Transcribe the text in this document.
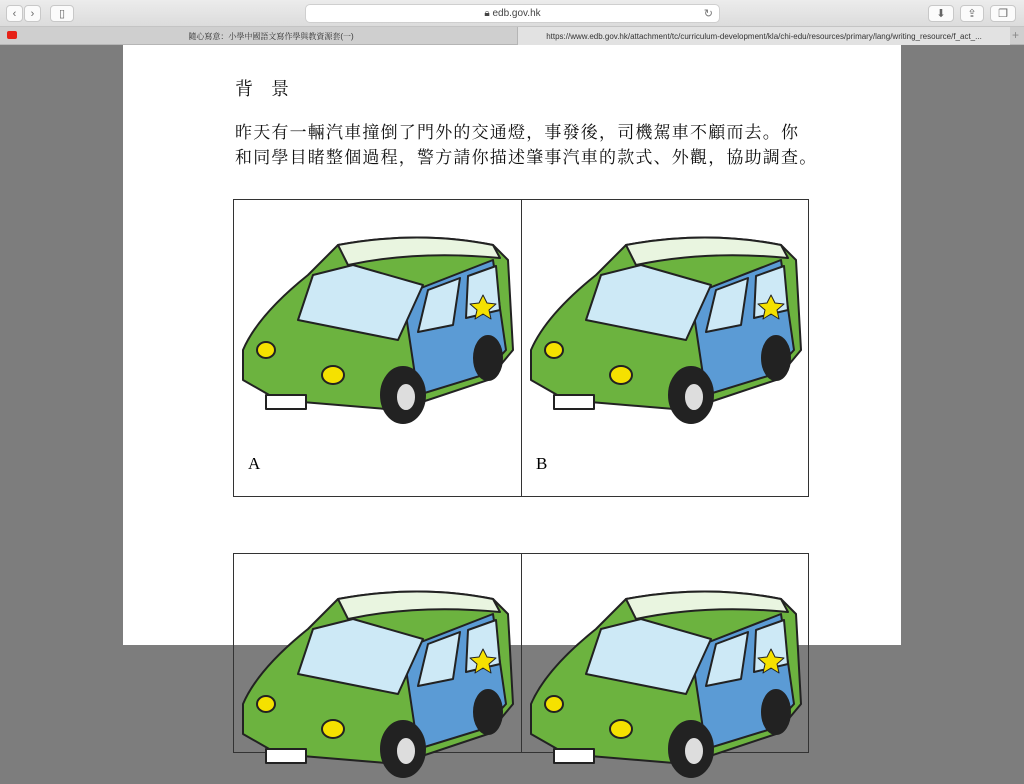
‹	›	▯	🔒︎
edb.gov.hk	↻	⬇	⇪	❐
隨心寫意：小學中國語文寫作學與教資源套(一)	https://www.edb.gov.hk/attachment/tc/curriculum-development/kla/chi-edu/resources/primary/lang/writing_resource/f_act_...	+
背景
昨天有一輛汽車撞倒了門外的交通燈，事發後，司機駕車不顧而去。你
和同學目睹整個過程，警方請你描述肇事汽車的款式、外觀，協助調查。
A	B
